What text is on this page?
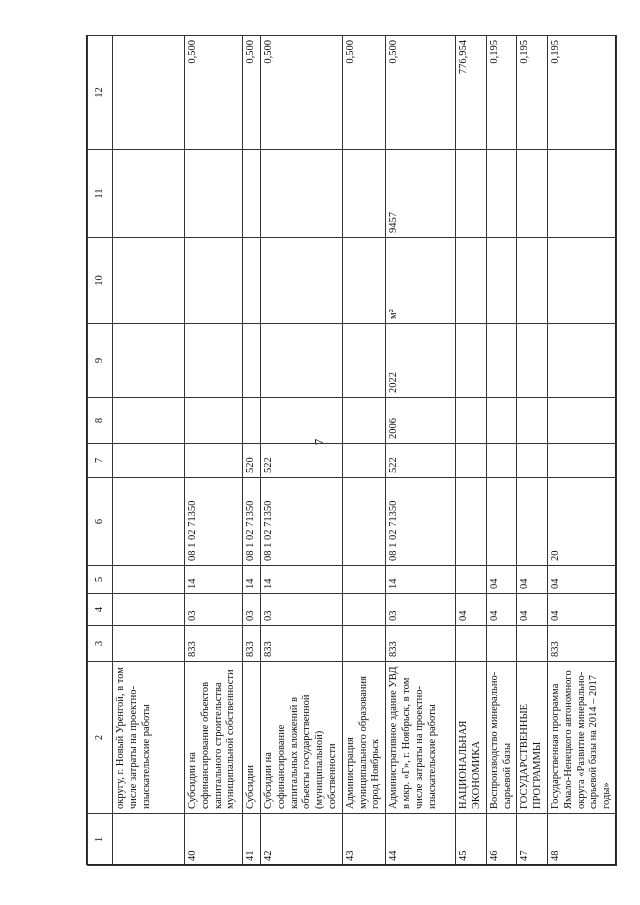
7
1	2	3	4	5	6	7	8	9	10	11	12
	округу, г. Новый Уренгой, в том числе затраты на проектно-изыскательские работы										
40	Субсидии на софинансирование объектов капитального строительства муниципальной собственности	833	03	14	08 1 02 71350						0,500
41	Субсидии	833	03	14	08 1 02 71350	520					0,500
42	Субсидии на софинансирование капитальных вложений в объекты государственной (муниципальной) собственности	833	03	14	08 1 02 71350	522					0,500
43	Администрация муниципального образования город Ноябрьск										0,500
44	Административное здание УВД в мкр. «Г», г. Ноябрьск, в том числе затраты на проектно-изыскательские работы	833	03	14	08 1 02 71350	522	2006	2022	м²	9457	0,500
45	НАЦИОНАЛЬНАЯ ЭКОНОМИКА		04								776,954
46	Воспроизводство минерально-сырьевой базы		04	04							0,195
47	ГОСУДАРСТВЕННЫЕ ПРОГРАММЫ		04	04							0,195
48	Государственная программа Ямало-Ненецкого автономного округа «Развитие минерально-сырьевой базы на 2014 – 2017 годы»	833	04	04	20						0,195
